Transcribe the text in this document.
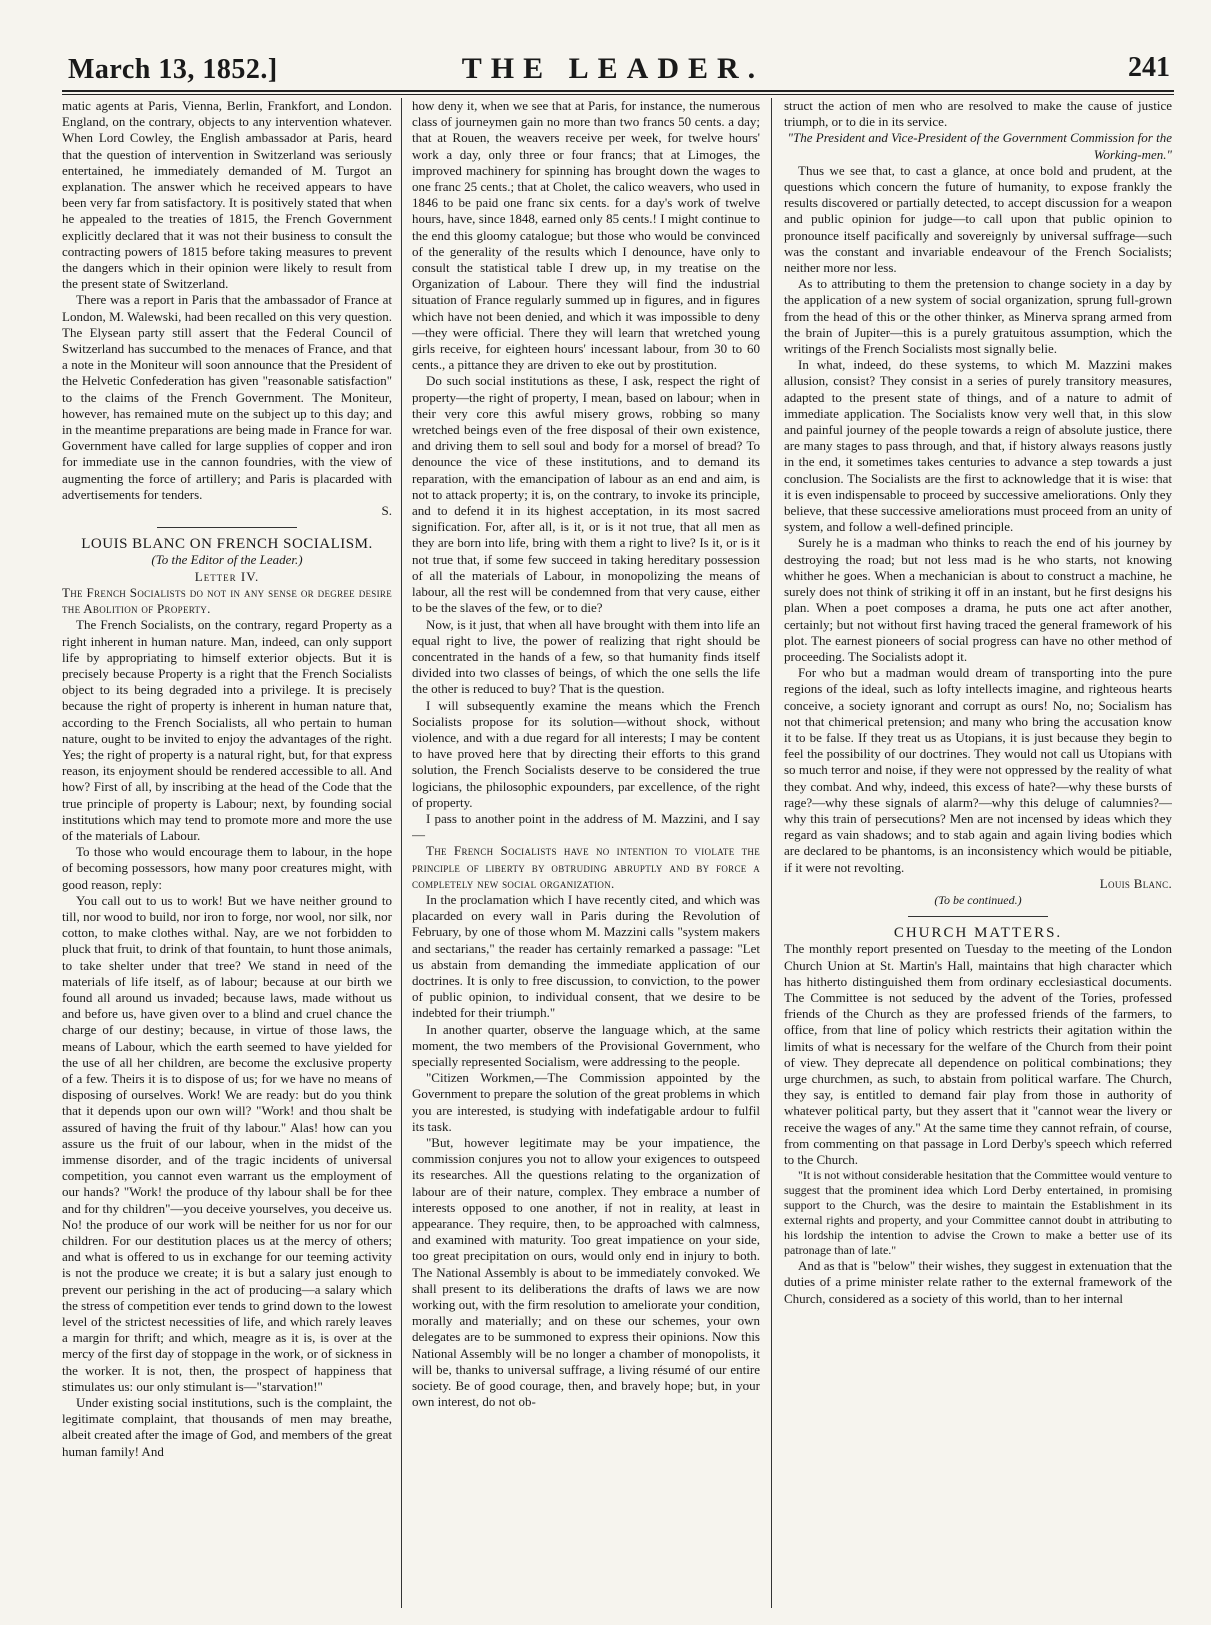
March 13, 1852.]	THE LEADER.	241

matic agents at Paris, Vienna, Berlin, Frankfort, and London. England, on the contrary, objects to any intervention whatever. When Lord Cowley, the English ambassador at Paris, heard that the question of intervention in Switzerland was seriously entertained, he immediately demanded of M. Turgot an explanation. The answer which he received appears to have been very far from satisfactory. It is positively stated that when he appealed to the treaties of 1815, the French Government explicitly declared that it was not their business to consult the contracting powers of 1815 before taking measures to prevent the dangers which in their opinion were likely to result from the present state of Switzerland.

There was a report in Paris that the ambassador of France at London, M. Walewski, had been recalled on this very question. The Elysean party still assert that the Federal Council of Switzerland has succumbed to the menaces of France, and that a note in the Moniteur will soon announce that the President of the Helvetic Confederation has given "reasonable satisfaction" to the claims of the French Government. The Moniteur, however, has remained mute on the subject up to this day; and in the meantime preparations are being made in France for war. Government have called for large supplies of copper and iron for immediate use in the cannon foundries, with the view of augmenting the force of artillery; and Paris is placarded with advertisements for tenders.

S.
LOUIS BLANC ON FRENCH SOCIALISM.
(To the Editor of the Leader.)
Letter IV.

The French Socialists do not in any sense or degree desire the Abolition of Property.

The French Socialists, on the contrary, regard Property as a right inherent in human nature. Man, indeed, can only support life by appropriating to himself exterior objects. But it is precisely because Property is a right that the French Socialists object to its being degraded into a privilege. It is precisely because the right of property is inherent in human nature that, according to the French Socialists, all who pertain to human nature, ought to be invited to enjoy the advantages of the right. Yes; the right of property is a natural right, but, for that express reason, its enjoyment should be rendered accessible to all. And how? First of all, by inscribing at the head of the Code that the true principle of property is Labour; next, by founding social institutions which may tend to promote more and more the use of the materials of Labour.

To those who would encourage them to labour, in the hope of becoming possessors, how many poor creatures might, with good reason, reply:

You call out to us to work! But we have neither ground to till, nor wood to build, nor iron to forge, nor wool, nor silk, nor cotton, to make clothes withal. Nay, are we not forbidden to pluck that fruit, to drink of that fountain, to hunt those animals, to take shelter under that tree? We stand in need of the materials of life itself, as of labour; because at our birth we found all around us invaded; because laws, made without us and before us, have given over to a blind and cruel chance the charge of our destiny; because, in virtue of those laws, the means of Labour, which the earth seemed to have yielded for the use of all her children, are become the exclusive property of a few. Theirs it is to dispose of us; for we have no means of disposing of ourselves. Work! We are ready: but do you think that it depends upon our own will? "Work! and thou shalt be assured of having the fruit of thy labour." Alas! how can you assure us the fruit of our labour, when in the midst of the immense disorder, and of the tragic incidents of universal competition, you cannot even warrant us the employment of our hands? "Work! the produce of thy labour shall be for thee and for thy children"—you deceive yourselves, you deceive us. No! the produce of our work will be neither for us nor for our children. For our destitution places us at the mercy of others; and what is offered to us in exchange for our teeming activity is not the produce we create; it is but a salary just enough to prevent our perishing in the act of producing—a salary which the stress of competition ever tends to grind down to the lowest level of the strictest necessities of life, and which rarely leaves a margin for thrift; and which, meagre as it is, is over at the mercy of the first day of stoppage in the work, or of sickness in the worker. It is not, then, the prospect of happiness that stimulates us: our only stimulant is—"starvation!"

Under existing social institutions, such is the complaint, the legitimate complaint, that thousands of men may breathe, albeit created after the image of God, and members of the great human family! And

how deny it, when we see that at Paris, for instance, the numerous class of journeymen gain no more than two francs 50 cents. a day; that at Rouen, the weavers receive per week, for twelve hours' work a day, only three or four francs; that at Limoges, the improved machinery for spinning has brought down the wages to one franc 25 cents.; that at Cholet, the calico weavers, who used in 1846 to be paid one franc six cents. for a day's work of twelve hours, have, since 1848, earned only 85 cents.! I might continue to the end this gloomy catalogue; but those who would be convinced of the generality of the results which I denounce, have only to consult the statistical table I drew up, in my treatise on the Organization of Labour. There they will find the industrial situation of France regularly summed up in figures, and in figures which have not been denied, and which it was impossible to deny—they were official. There they will learn that wretched young girls receive, for eighteen hours' incessant labour, from 30 to 60 cents., a pittance they are driven to eke out by prostitution.

Do such social institutions as these, I ask, respect the right of property—the right of property, I mean, based on labour; when in their very core this awful misery grows, robbing so many wretched beings even of the free disposal of their own existence, and driving them to sell soul and body for a morsel of bread? To denounce the vice of these institutions, and to demand its reparation, with the emancipation of labour as an end and aim, is not to attack property; it is, on the contrary, to invoke its principle, and to defend it in its highest acceptation, in its most sacred signification. For, after all, is it, or is it not true, that all men as they are born into life, bring with them a right to live? Is it, or is it not true that, if some few succeed in taking hereditary possession of all the materials of Labour, in monopolizing the means of labour, all the rest will be condemned from that very cause, either to be the slaves of the few, or to die?

Now, is it just, that when all have brought with them into life an equal right to live, the power of realizing that right should be concentrated in the hands of a few, so that humanity finds itself divided into two classes of beings, of which the one sells the life the other is reduced to buy? That is the question.

I will subsequently examine the means which the French Socialists propose for its solution—without shock, without violence, and with a due regard for all interests; I may be content to have proved here that by directing their efforts to this grand solution, the French Socialists deserve to be considered the true logicians, the philosophic expounders, par excellence, of the right of property.

I pass to another point in the address of M. Mazzini, and I say—

The French Socialists have no intention to violate the principle of liberty by obtruding abruptly and by force a completely new social organization.

In the proclamation which I have recently cited, and which was placarded on every wall in Paris during the Revolution of February, by one of those whom M. Mazzini calls "system makers and sectarians," the reader has certainly remarked a passage: "Let us abstain from demanding the immediate application of our doctrines. It is only to free discussion, to conviction, to the power of public opinion, to individual consent, that we desire to be indebted for their triumph."

In another quarter, observe the language which, at the same moment, the two members of the Provisional Government, who specially represented Socialism, were addressing to the people.

"Citizen Workmen,—The Commission appointed by the Government to prepare the solution of the great problems in which you are interested, is studying with indefatigable ardour to fulfil its task.

"But, however legitimate may be your impatience, the commission conjures you not to allow your exigences to outspeed its researches. All the questions relating to the organization of labour are of their nature, complex. They embrace a number of interests opposed to one another, if not in reality, at least in appearance. They require, then, to be approached with calmness, and examined with maturity. Too great impatience on your side, too great precipitation on ours, would only end in injury to both. The National Assembly is about to be immediately convoked. We shall present to its deliberations the drafts of laws we are now working out, with the firm resolution to ameliorate your condition, morally and materially; and on these our schemes, your own delegates are to be summoned to express their opinions. Now this National Assembly will be no longer a chamber of monopolists, it will be, thanks to universal suffrage, a living résumé of our entire society. Be of good courage, then, and bravely hope; but, in your own interest, do not ob-

struct the action of men who are resolved to make the cause of justice triumph, or to die in its service.

"The President and Vice-President of the Government Commission for the Working-men."

Thus we see that, to cast a glance, at once bold and prudent, at the questions which concern the future of humanity, to expose frankly the results discovered or partially detected, to accept discussion for a weapon and public opinion for judge—to call upon that public opinion to pronounce itself pacifically and sovereignly by universal suffrage—such was the constant and invariable endeavour of the French Socialists; neither more nor less.

As to attributing to them the pretension to change society in a day by the application of a new system of social organization, sprung full-grown from the head of this or the other thinker, as Minerva sprang armed from the brain of Jupiter—this is a purely gratuitous assumption, which the writings of the French Socialists most signally belie.

In what, indeed, do these systems, to which M. Mazzini makes allusion, consist? They consist in a series of purely transitory measures, adapted to the present state of things, and of a nature to admit of immediate application. The Socialists know very well that, in this slow and painful journey of the people towards a reign of absolute justice, there are many stages to pass through, and that, if history always reasons justly in the end, it sometimes takes centuries to advance a step towards a just conclusion. The Socialists are the first to acknowledge that it is wise: that it is even indispensable to proceed by successive ameliorations. Only they believe, that these successive ameliorations must proceed from an unity of system, and follow a well-defined principle.

Surely he is a madman who thinks to reach the end of his journey by destroying the road; but not less mad is he who starts, not knowing whither he goes. When a mechanician is about to construct a machine, he surely does not think of striking it off in an instant, but he first designs his plan. When a poet composes a drama, he puts one act after another, certainly; but not without first having traced the general framework of his plot. The earnest pioneers of social progress can have no other method of proceeding. The Socialists adopt it.

For who but a madman would dream of transporting into the pure regions of the ideal, such as lofty intellects imagine, and righteous hearts conceive, a society ignorant and corrupt as ours! No, no; Socialism has not that chimerical pretension; and many who bring the accusation know it to be false. If they treat us as Utopians, it is just because they begin to feel the possibility of our doctrines. They would not call us Utopians with so much terror and noise, if they were not oppressed by the reality of what they combat. And why, indeed, this excess of hate?—why these bursts of rage?—why these signals of alarm?—why this deluge of calumnies?—why this train of persecutions? Men are not incensed by ideas which they regard as vain shadows; and to stab again and again living bodies which are declared to be phantoms, is an inconsistency which would be pitiable, if it were not revolting.

Louis Blanc.
(To be continued.)
CHURCH MATTERS.

The monthly report presented on Tuesday to the meeting of the London Church Union at St. Martin's Hall, maintains that high character which has hitherto distinguished them from ordinary ecclesiastical documents. The Committee is not seduced by the advent of the Tories, professed friends of the Church as they are professed friends of the farmers, to office, from that line of policy which restricts their agitation within the limits of what is necessary for the welfare of the Church from their point of view. They deprecate all dependence on political combinations; they urge churchmen, as such, to abstain from political warfare. The Church, they say, is entitled to demand fair play from those in authority of whatever political party, but they assert that it "cannot wear the livery or receive the wages of any." At the same time they cannot refrain, of course, from commenting on that passage in Lord Derby's speech which referred to the Church.

"It is not without considerable hesitation that the Committee would venture to suggest that the prominent idea which Lord Derby entertained, in promising support to the Church, was the desire to maintain the Establishment in its external rights and property, and your Committee cannot doubt in attributing to his lordship the intention to advise the Crown to make a better use of its patronage than of late."

And as that is "below" their wishes, they suggest in extenuation that the duties of a prime minister relate rather to the external framework of the Church, considered as a society of this world, than to her internal
